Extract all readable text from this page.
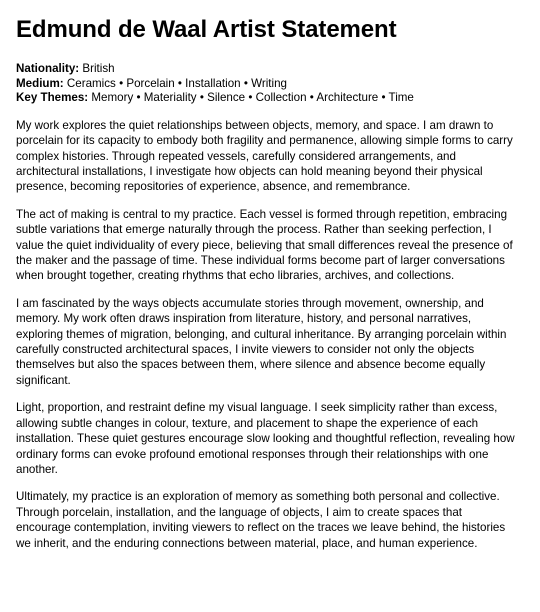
Edmund de Waal Artist Statement
Nationality: British
Medium: Ceramics • Porcelain • Installation • Writing
Key Themes: Memory • Materiality • Silence • Collection • Architecture • Time

My work explores the quiet relationships between objects, memory, and space. I am drawn to porcelain for its capacity to embody both fragility and permanence, allowing simple forms to carry complex histories. Through repeated vessels, carefully considered arrangements, and architectural installations, I investigate how objects can hold meaning beyond their physical presence, becoming repositories of experience, absence, and remembrance.

The act of making is central to my practice. Each vessel is formed through repetition, embracing subtle variations that emerge naturally through the process. Rather than seeking perfection, I value the quiet individuality of every piece, believing that small differences reveal the presence of the maker and the passage of time. These individual forms become part of larger conversations when brought together, creating rhythms that echo libraries, archives, and collections.

I am fascinated by the ways objects accumulate stories through movement, ownership, and memory. My work often draws inspiration from literature, history, and personal narratives, exploring themes of migration, belonging, and cultural inheritance. By arranging porcelain within carefully constructed architectural spaces, I invite viewers to consider not only the objects themselves but also the spaces between them, where silence and absence become equally significant.

Light, proportion, and restraint define my visual language. I seek simplicity rather than excess, allowing subtle changes in colour, texture, and placement to shape the experience of each installation. These quiet gestures encourage slow looking and thoughtful reflection, revealing how ordinary forms can evoke profound emotional responses through their relationships with one another.

Ultimately, my practice is an exploration of memory as something both personal and collective. Through porcelain, installation, and the language of objects, I aim to create spaces that encourage contemplation, inviting viewers to reflect on the traces we leave behind, the histories we inherit, and the enduring connections between material, place, and human experience.
